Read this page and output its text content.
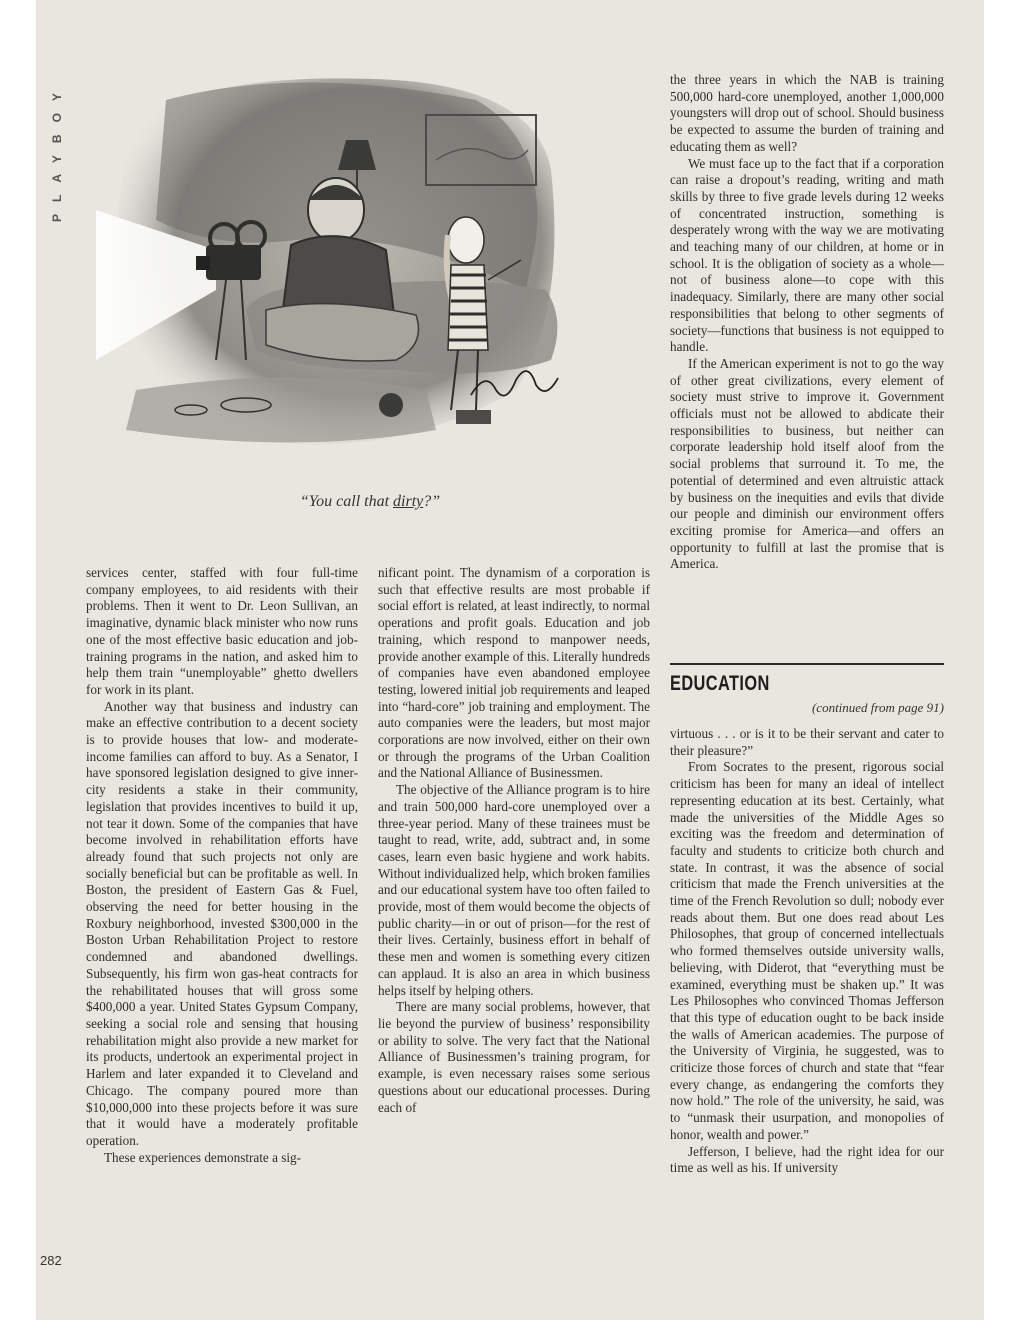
PLAYBOY
“You call that dirty?”

services center, staffed with four full-time company employees, to aid residents with their problems. Then it went to Dr. Leon Sullivan, an imaginative, dynamic black minister who now runs one of the most effective basic education and job-training programs in the nation, and asked him to help them train “unemployable” ghetto dwellers for work in its plant.

Another way that business and industry can make an effective contribution to a decent society is to provide houses that low- and moderate-income families can afford to buy. As a Senator, I have sponsored legislation designed to give inner-city residents a stake in their community, legislation that provides incentives to build it up, not tear it down. Some of the companies that have become involved in rehabilitation efforts have already found that such projects not only are socially beneficial but can be profitable as well. In Boston, the president of Eastern Gas & Fuel, observing the need for better housing in the Roxbury neighborhood, invested $300,000 in the Boston Urban Rehabilitation Project to restore condemned and abandoned dwellings. Subsequently, his firm won gas-heat contracts for the rehabilitated houses that will gross some $400,000 a year. United States Gypsum Company, seeking a social role and sensing that housing rehabilitation might also provide a new market for its products, undertook an experimental project in Harlem and later expanded it to Cleveland and Chicago. The company poured more than $10,000,000 into these projects before it was sure that it would have a moderately profitable operation.

These experiences demonstrate a sig-

nificant point. The dynamism of a corporation is such that effective results are most probable if social effort is related, at least indirectly, to normal operations and profit goals. Education and job training, which respond to manpower needs, provide another example of this. Literally hundreds of companies have even abandoned employee testing, lowered initial job requirements and leaped into “hard-core” job training and employment. The auto companies were the leaders, but most major corporations are now involved, either on their own or through the programs of the Urban Coalition and the National Alliance of Businessmen.

The objective of the Alliance program is to hire and train 500,000 hard-core unemployed over a three-year period. Many of these trainees must be taught to read, write, add, subtract and, in some cases, learn even basic hygiene and work habits. Without individualized help, which broken families and our educational system have too often failed to provide, most of them would become the objects of public charity—in or out of prison—for the rest of their lives. Certainly, business effort in behalf of these men and women is something every citizen can applaud. It is also an area in which business helps itself by helping others.

There are many social problems, however, that lie beyond the purview of business’ responsibility or ability to solve. The very fact that the National Alliance of Businessmen’s training program, for example, is even necessary raises some serious questions about our educational processes. During each of

the three years in which the NAB is training 500,000 hard-core unemployed, another 1,000,000 youngsters will drop out of school. Should business be expected to assume the burden of training and educating them as well?

We must face up to the fact that if a corporation can raise a dropout’s reading, writing and math skills by three to five grade levels during 12 weeks of concentrated instruction, something is desperately wrong with the way we are motivating and teaching many of our children, at home or in school. It is the obligation of society as a whole—not of business alone—to cope with this inadequacy. Similarly, there are many other social responsibilities that belong to other segments of society—functions that business is not equipped to handle.

If the American experiment is not to go the way of other great civilizations, every element of society must strive to improve it. Government officials must not be allowed to abdicate their responsibilities to business, but neither can corporate leadership hold itself aloof from the social problems that surround it. To me, the potential of determined and even altruistic attack by business on the inequities and evils that divide our people and diminish our environment offers exciting promise for America—and offers an opportunity to fulfill at last the promise that is America.

EDUCATION
(continued from page 91)

virtuous . . . or is it to be their servant and cater to their pleasure?”

From Socrates to the present, rigorous social criticism has been for many an ideal of intellect representing education at its best. Certainly, what made the universities of the Middle Ages so exciting was the freedom and determination of faculty and students to criticize both church and state. In contrast, it was the absence of social criticism that made the French universities at the time of the French Revolution so dull; nobody ever reads about them. But one does read about Les Philosophes, that group of concerned intellectuals who formed themselves outside university walls, believing, with Diderot, that “everything must be examined, everything must be shaken up.” It was Les Philosophes who convinced Thomas Jefferson that this type of education ought to be back inside the walls of American academies. The purpose of the University of Virginia, he suggested, was to criticize those forces of church and state that “fear every change, as endangering the comforts they now hold.” The role of the university, he said, was to “unmask their usurpation, and monopolies of honor, wealth and power.”

Jefferson, I believe, had the right idea for our time as well as his. If university

282
